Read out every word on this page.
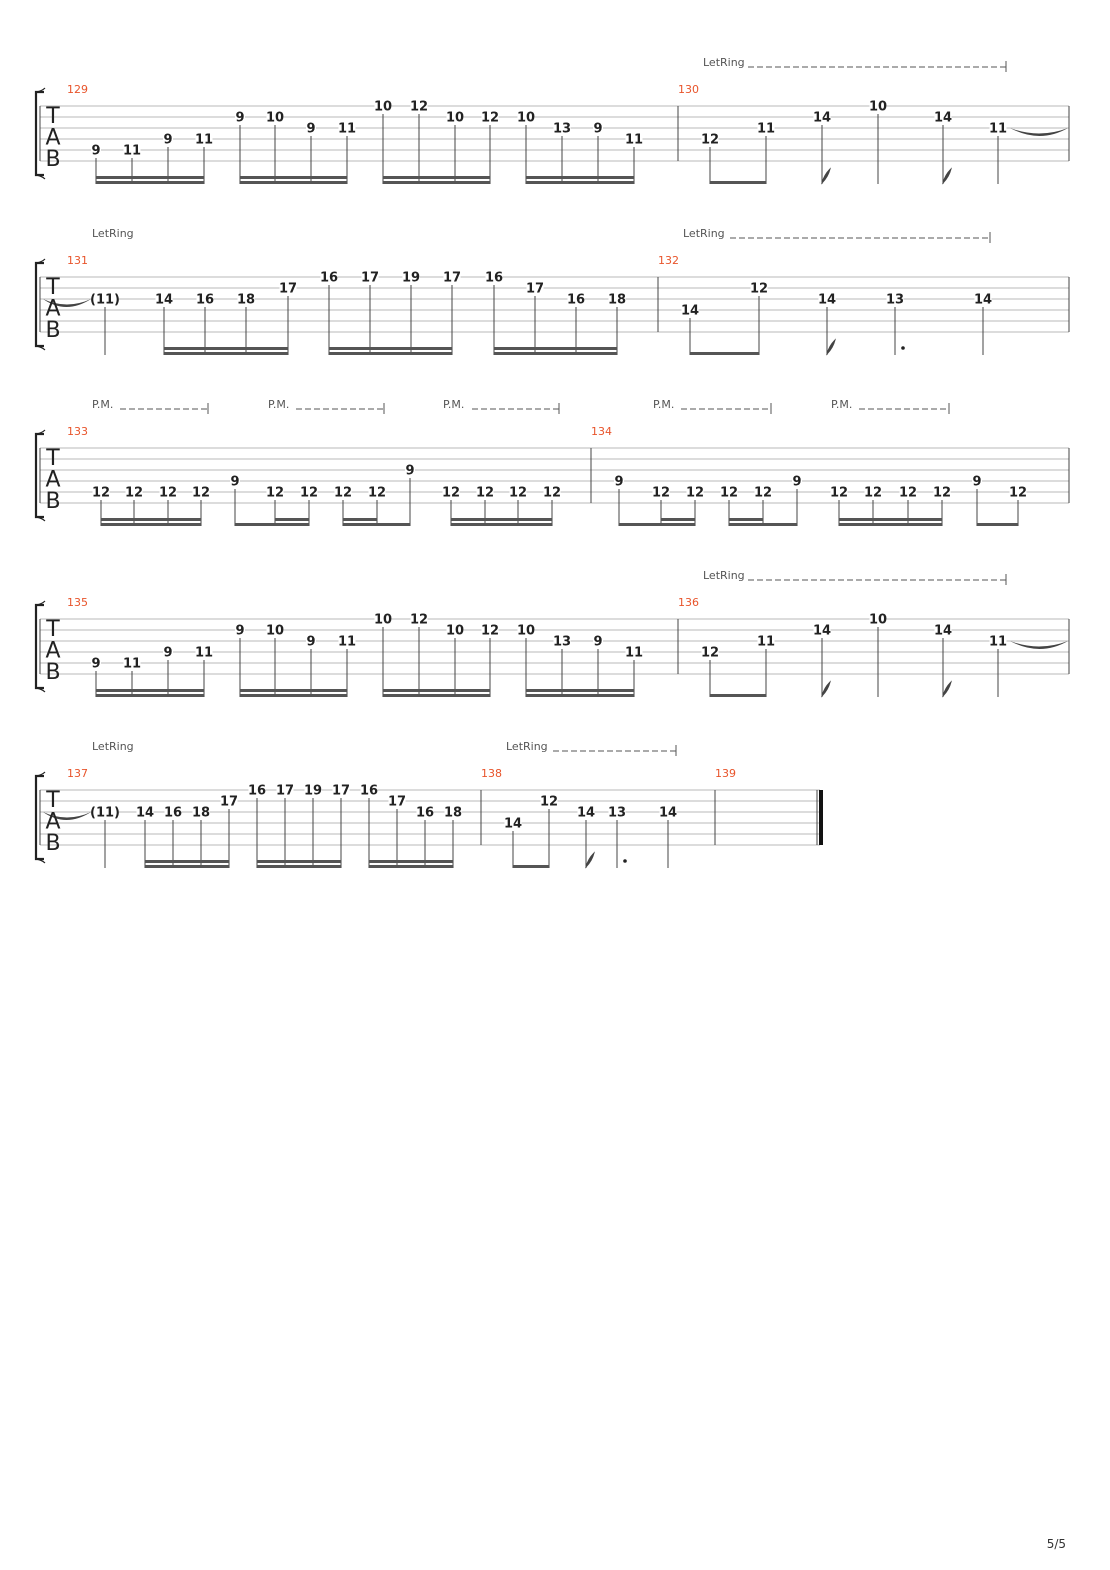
T
A
B
129
9 11
9 11
9 10
9 11
10 12
10 12 10
13 9
11
130
12
11
14
10
14
11
LetRing
T
A
B
131
(11)	14 16 18
17
16 17 19 17 16
17
16 18
132
14
12
14	13	14
LetRing	LetRing
T
A
B
133
12 12 12 12
9
12 12 12 12
9
12 12 12 12
134
9
12 12 12 12
9
12 12 12 12
9
12
P.M.	P.M.	P.M.	P.M.	P.M.
T
A
B
135
9 11
9 11
9 10
9 11
10 12
10 12 10
13 9
11
136
12
11
14
10
14
11
LetRing
T
A
B
137
(11) 14 16 18
17
16 17 19 17 16
17
16 18
138
14
12
14 13	14
139
LetRing	LetRing
5/5
